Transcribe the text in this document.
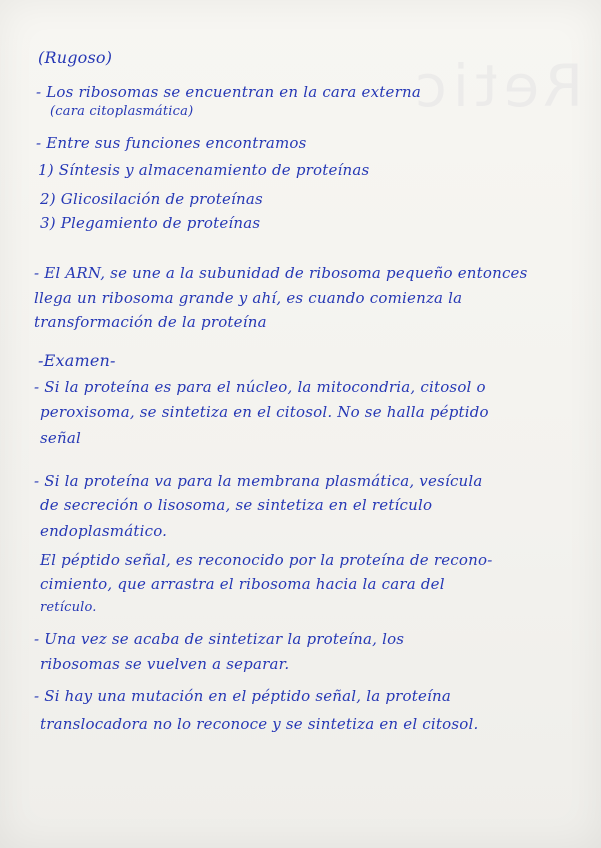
Retic
(Rugoso)
- Los ribosomas se encuentran en la cara externa
(cara citoplasmática)
- Entre sus funciones encontramos
1) Síntesis y almacenamiento de proteínas
2) Glicosilación de proteínas
3) Plegamiento de proteínas
- El ARN, se une a la subunidad de ribosoma pequeño entonces
llega un ribosoma grande y ahí, es cuando comienza la
transformación de la proteína
-Examen-
- Si la proteína es para el núcleo, la mitocondria, citosol o
peroxisoma, se sintetiza en el citosol. No se halla péptido
señal
- Si la proteína va para la membrana plasmática, vesícula
de secreción o lisosoma, se sintetiza en el retículo
endoplasmático.
El péptido señal, es reconocido por la proteína de recono-
cimiento, que arrastra el ribosoma hacia la cara del
retículo.
- Una vez se acaba de sintetizar la proteína, los
ribosomas se vuelven a separar.
- Si hay una mutación en el péptido señal, la proteína
translocadora no lo reconoce y se sintetiza en el citosol.
